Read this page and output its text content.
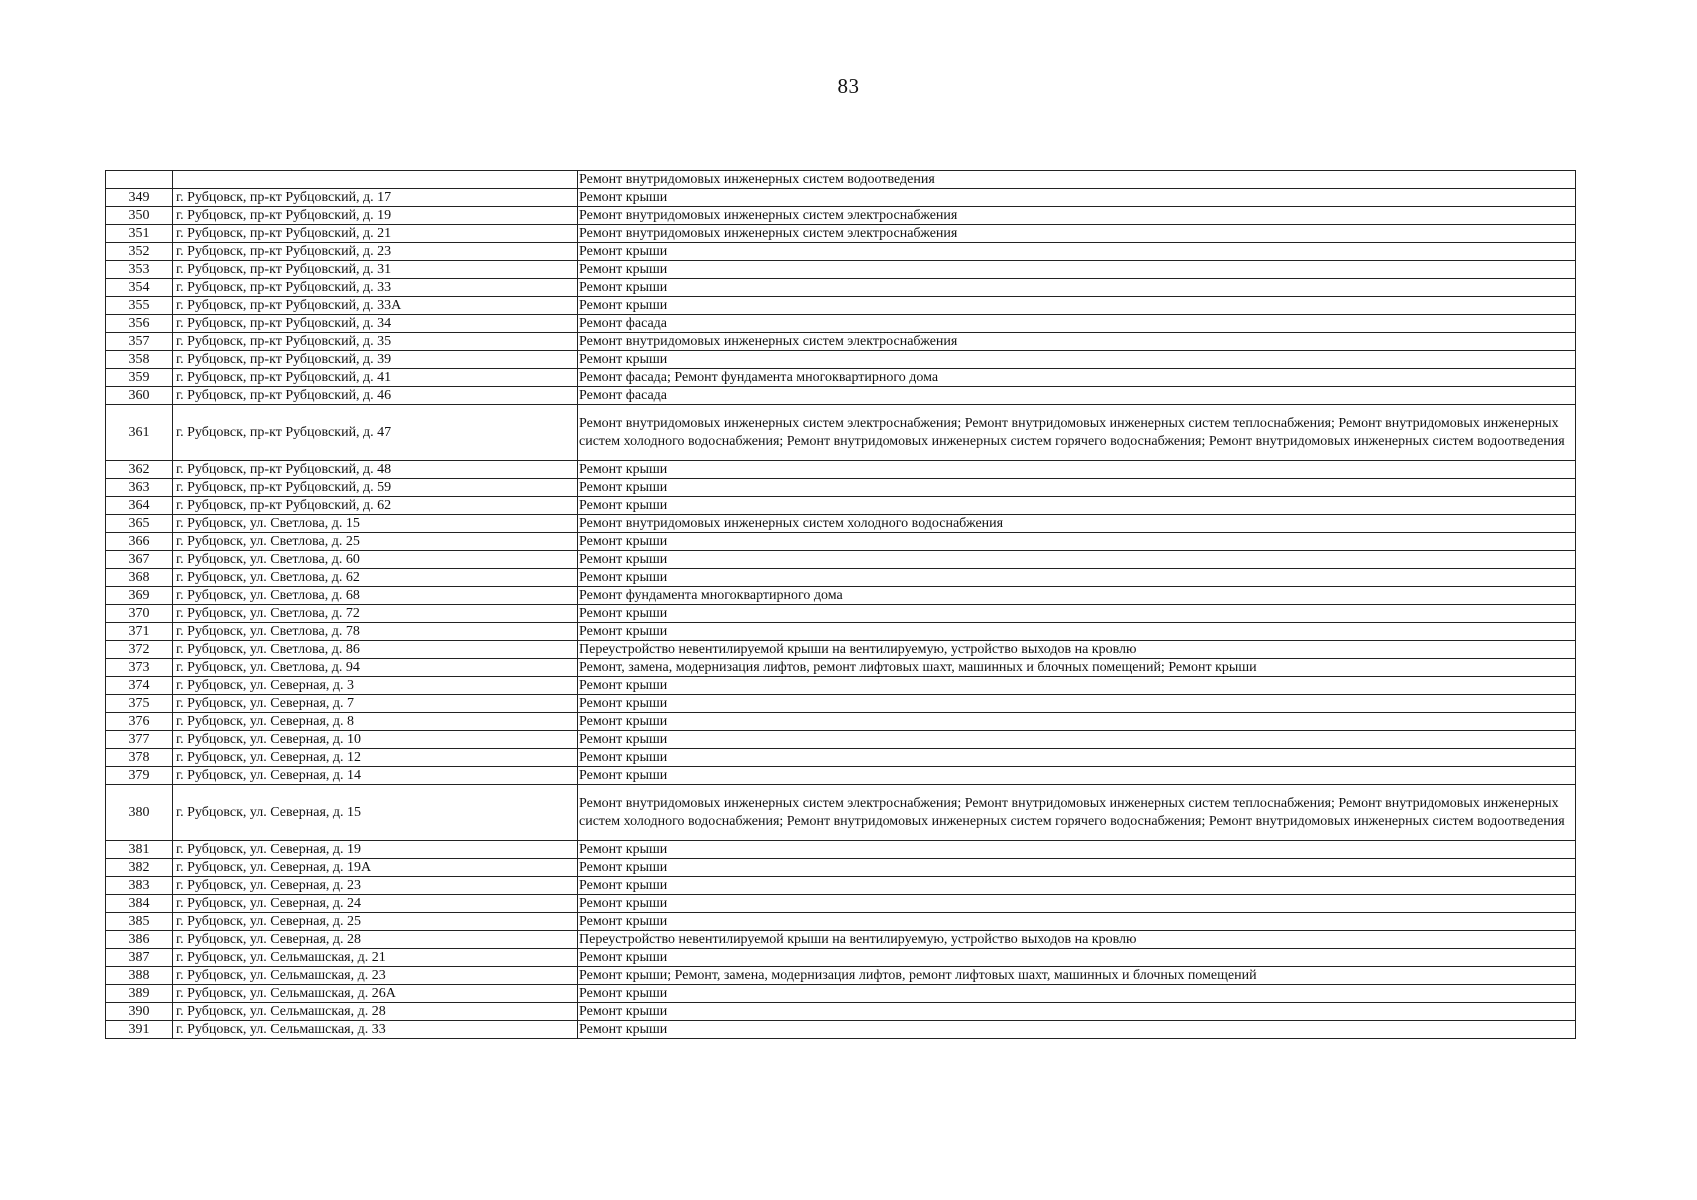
83
		Ремонт внутридомовых инженерных систем водоотведения
349	г. Рубцовск, пр-кт Рубцовский, д. 17	Ремонт крыши
350	г. Рубцовск, пр-кт Рубцовский, д. 19	Ремонт внутридомовых инженерных систем электроснабжения
351	г. Рубцовск, пр-кт Рубцовский, д. 21	Ремонт внутридомовых инженерных систем электроснабжения
352	г. Рубцовск, пр-кт Рубцовский, д. 23	Ремонт крыши
353	г. Рубцовск, пр-кт Рубцовский, д. 31	Ремонт крыши
354	г. Рубцовск, пр-кт Рубцовский, д. 33	Ремонт крыши
355	г. Рубцовск, пр-кт Рубцовский, д. 33А	Ремонт крыши
356	г. Рубцовск, пр-кт Рубцовский, д. 34	Ремонт фасада
357	г. Рубцовск, пр-кт Рубцовский, д. 35	Ремонт внутридомовых инженерных систем электроснабжения
358	г. Рубцовск, пр-кт Рубцовский, д. 39	Ремонт крыши
359	г. Рубцовск, пр-кт Рубцовский, д. 41	Ремонт фасада; Ремонт фундамента многоквартирного дома
360	г. Рубцовск, пр-кт Рубцовский, д. 46	Ремонт фасада
361	г. Рубцовск, пр-кт Рубцовский, д. 47	Ремонт внутридомовых инженерных систем электроснабжения; Ремонт внутридомовых инженерных систем теплоснабжения; Ремонт внутридомовых инженерных систем холодного водоснабжения; Ремонт внутридомовых инженерных систем горячего водоснабжения; Ремонт внутридомовых инженерных систем водоотведения
362	г. Рубцовск, пр-кт Рубцовский, д. 48	Ремонт крыши
363	г. Рубцовск, пр-кт Рубцовский, д. 59	Ремонт крыши
364	г. Рубцовск, пр-кт Рубцовский, д. 62	Ремонт крыши
365	г. Рубцовск, ул. Светлова, д. 15	Ремонт внутридомовых инженерных систем холодного водоснабжения
366	г. Рубцовск, ул. Светлова, д. 25	Ремонт крыши
367	г. Рубцовск, ул. Светлова, д. 60	Ремонт крыши
368	г. Рубцовск, ул. Светлова, д. 62	Ремонт крыши
369	г. Рубцовск, ул. Светлова, д. 68	Ремонт фундамента многоквартирного дома
370	г. Рубцовск, ул. Светлова, д. 72	Ремонт крыши
371	г. Рубцовск, ул. Светлова, д. 78	Ремонт крыши
372	г. Рубцовск, ул. Светлова, д. 86	Переустройство невентилируемой крыши на вентилируемую, устройство выходов на кровлю
373	г. Рубцовск, ул. Светлова, д. 94	Ремонт, замена, модернизация лифтов, ремонт лифтовых шахт, машинных и блочных помещений; Ремонт крыши
374	г. Рубцовск, ул. Северная, д. 3	Ремонт крыши
375	г. Рубцовск, ул. Северная, д. 7	Ремонт крыши
376	г. Рубцовск, ул. Северная, д. 8	Ремонт крыши
377	г. Рубцовск, ул. Северная, д. 10	Ремонт крыши
378	г. Рубцовск, ул. Северная, д. 12	Ремонт крыши
379	г. Рубцовск, ул. Северная, д. 14	Ремонт крыши
380	г. Рубцовск, ул. Северная, д. 15	Ремонт внутридомовых инженерных систем электроснабжения; Ремонт внутридомовых инженерных систем теплоснабжения; Ремонт внутридомовых инженерных систем холодного водоснабжения; Ремонт внутридомовых инженерных систем горячего водоснабжения; Ремонт внутридомовых инженерных систем водоотведения
381	г. Рубцовск, ул. Северная, д. 19	Ремонт крыши
382	г. Рубцовск, ул. Северная, д. 19А	Ремонт крыши
383	г. Рубцовск, ул. Северная, д. 23	Ремонт крыши
384	г. Рубцовск, ул. Северная, д. 24	Ремонт крыши
385	г. Рубцовск, ул. Северная, д. 25	Ремонт крыши
386	г. Рубцовск, ул. Северная, д. 28	Переустройство невентилируемой крыши на вентилируемую, устройство выходов на кровлю
387	г. Рубцовск, ул. Сельмашская, д. 21	Ремонт крыши
388	г. Рубцовск, ул. Сельмашская, д. 23	Ремонт крыши; Ремонт, замена, модернизация лифтов, ремонт лифтовых шахт, машинных и блочных помещений
389	г. Рубцовск, ул. Сельмашская, д. 26А	Ремонт крыши
390	г. Рубцовск, ул. Сельмашская, д. 28	Ремонт крыши
391	г. Рубцовск, ул. Сельмашская, д. 33	Ремонт крыши
